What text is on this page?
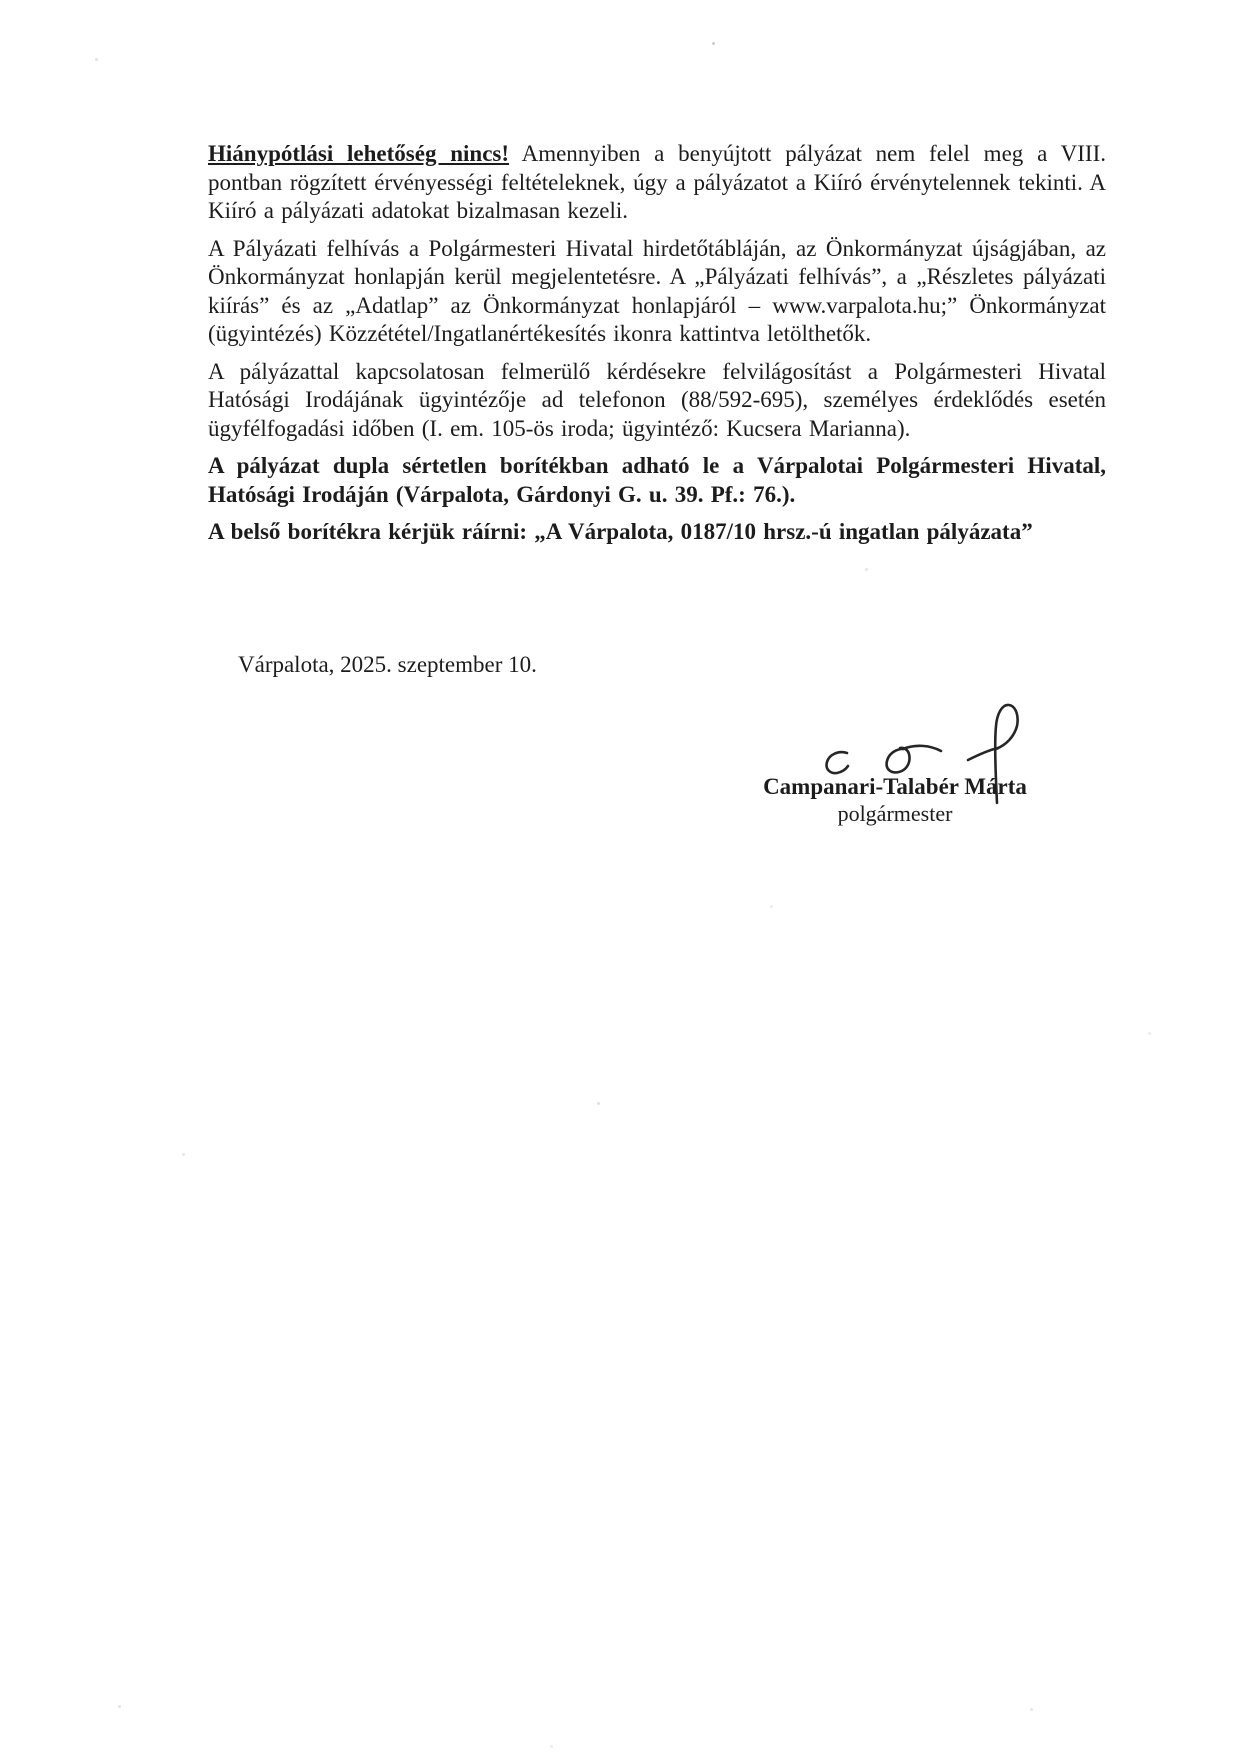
Hiánypótlási lehetőség nincs! Amennyiben a benyújtott pályázat nem felel meg a VIII. pontban rögzített érvényességi feltételeknek, úgy a pályázatot a Kiíró érvénytelennek tekinti. A Kiíró a pályázati adatokat bizalmasan kezeli.

A Pályázati felhívás a Polgármesteri Hivatal hirdetőtábláján, az Önkormányzat újságjában, az Önkormányzat honlapján kerül megjelentetésre. A „Pályázati felhívás”, a „Részletes pályázati kiírás” és az „Adatlap” az Önkormányzat honlapjáról – www.varpalota.hu;” Önkormányzat (ügyintézés) Közzététel/Ingatlanértékesítés ikonra kattintva letölthetők.

A pályázattal kapcsolatosan felmerülő kérdésekre felvilágosítást a Polgármesteri Hivatal Hatósági Irodájának ügyintézője ad telefonon (88/592-695), személyes érdeklődés esetén ügyfélfogadási időben (I. em. 105-ös iroda; ügyintéző: Kucsera Marianna).

A pályázat dupla sértetlen borítékban adható le a Várpalotai Polgármesteri Hivatal, Hatósági Irodáján (Várpalota, Gárdonyi G. u. 39. Pf.: 76.).

A belső borítékra kérjük ráírni: „A Várpalota, 0187/10 hrsz.-ú ingatlan pályázata”

Várpalota, 2025. szeptember 10.
Campanari-Talabér Márta
polgármester
